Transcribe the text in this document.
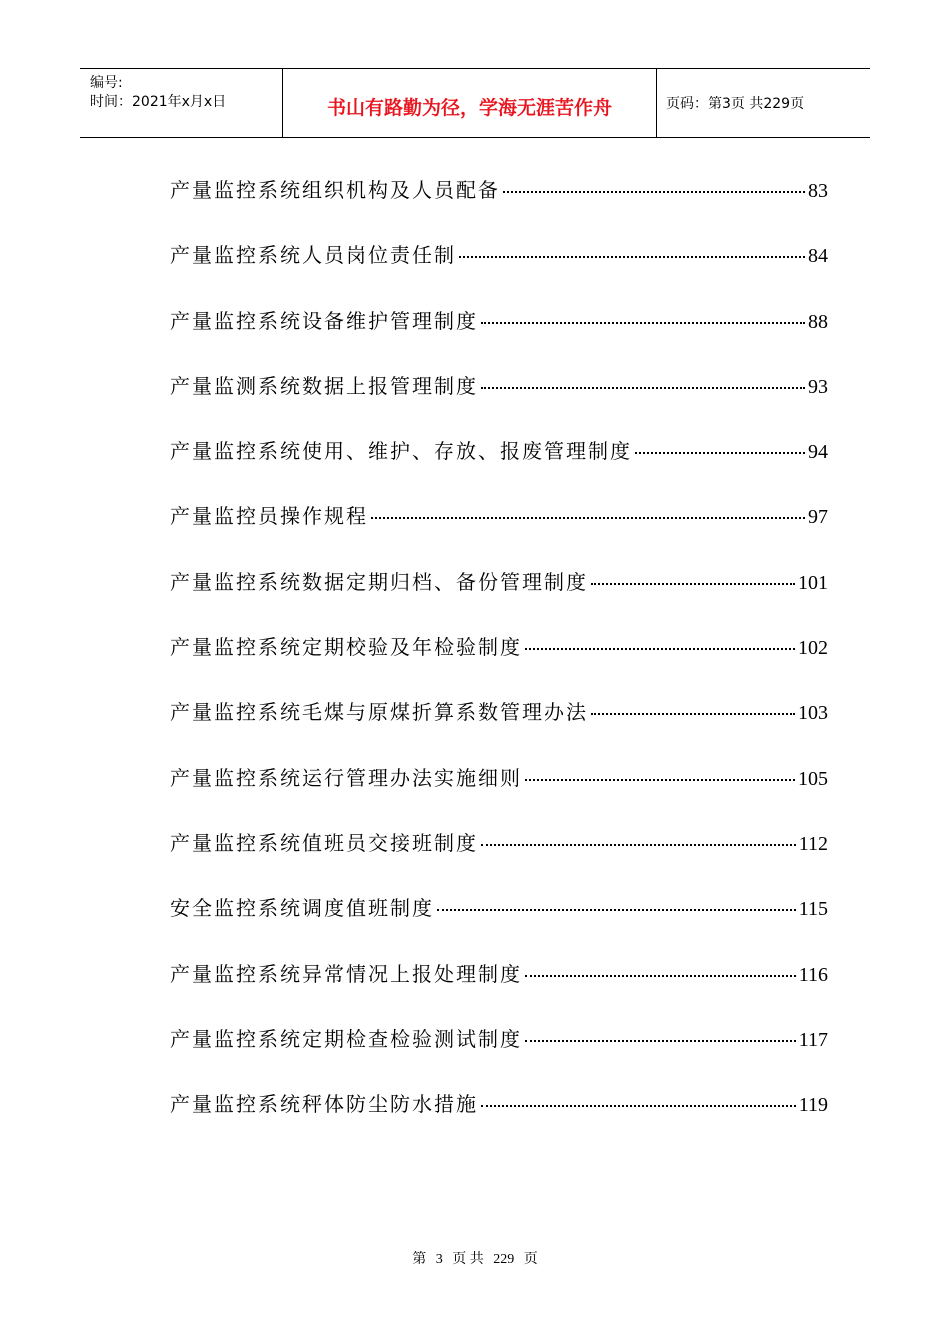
编号:
时间：2021年x月x日	书山有路勤为径，学海无涯苦作舟	页码：第3页 共229页
产量监控系统组织机构及人员配备	83
产量监控系统人员岗位责任制	84
产量监控系统设备维护管理制度	88
产量监测系统数据上报管理制度	93
产量监控系统使用、维护、存放、报废管理制度	94
产量监控员操作规程	97
产量监控系统数据定期归档、备份管理制度	101
产量监控系统定期校验及年检验制度	102
产量监控系统毛煤与原煤折算系数管理办法	103
产量监控系统运行管理办法实施细则	105
产量监控系统值班员交接班制度	112
安全监控系统调度值班制度	115
产量监控系统异常情况上报处理制度	116
产量监控系统定期检查检验测试制度	117
产量监控系统秤体防尘防水措施	119
第 3 页 共 229 页
